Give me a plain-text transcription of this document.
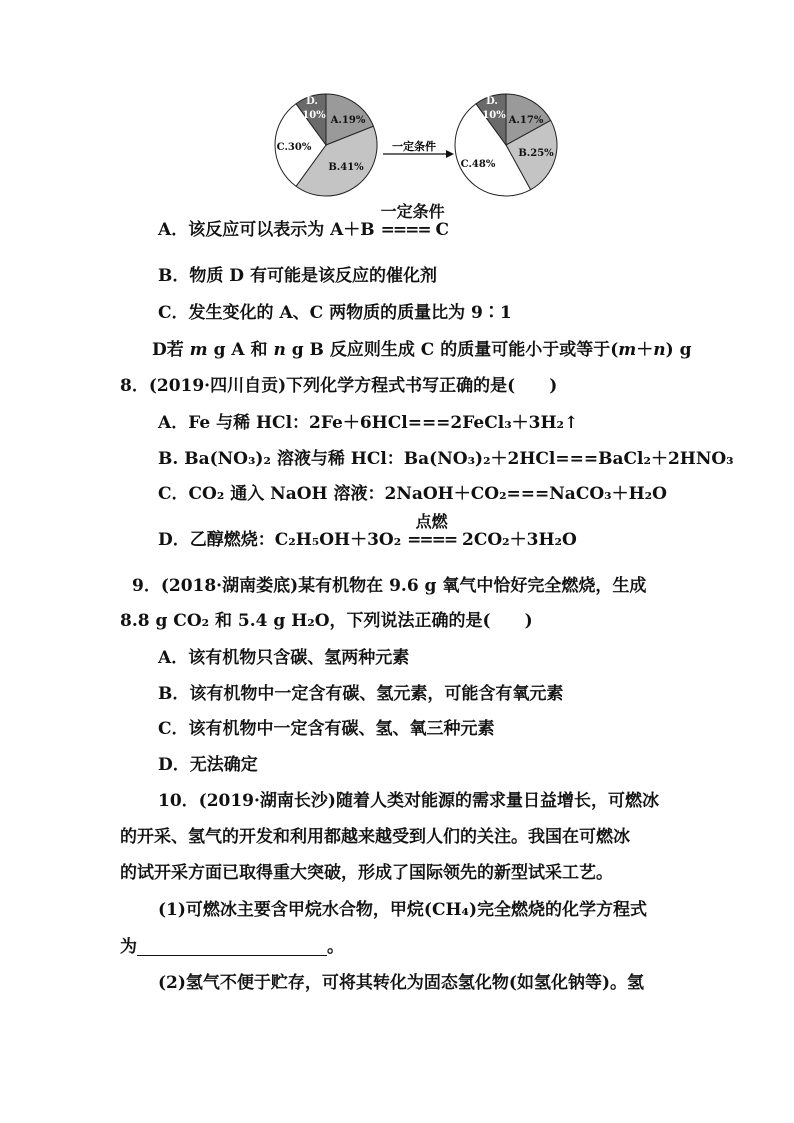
A.19%
B.41%
C.30%
D.
10%
一定条件
A.17%
B.25%
C.48%
D.
10%
A．该反应可以表示为 A＋B
一定条件
==== C
B．物质 D 有可能是该反应的催化剂
C．发生变化的 A、C 两物质的质量比为 9∶1
D若 m g A 和 n g B 反应则生成 C 的质量可能小于或等于(m＋n) g
8．(2019·四川自贡)下列化学方程式书写正确的是(　　)
A．Fe 与稀 HCl：2Fe＋6HCl===2FeCl₃＋3H₂↑
B. Ba(NO₃)₂ 溶液与稀 HCl：Ba(NO₃)₂＋2HCl===BaCl₂＋2HNO₃
C．CO₂ 通入 NaOH 溶液：2NaOH＋CO₂===NaCO₃＋H₂O
D．乙醇燃烧：C₂H₅OH＋3O₂
点燃
==== 2CO₂＋3H₂O
9．(2018·湖南娄底)某有机物在 9.6 g 氧气中恰好完全燃烧，生成
8.8 g CO₂ 和 5.4 g H₂O，下列说法正确的是(　　)
A．该有机物只含碳、氢两种元素
B．该有机物中一定含有碳、氢元素，可能含有氧元素
C．该有机物中一定含有碳、氢、氧三种元素
D．无法确定
10．(2019·湖南长沙)随着人类对能源的需求量日益增长，可燃冰
的开采、氢气的开发和利用都越来越受到人们的关注。我国在可燃冰
的试开采方面已取得重大突破，形成了国际领先的新型试采工艺。
(1)可燃冰主要含甲烷水合物，甲烷(CH₄)完全燃烧的化学方程式
为	。
(2)氢气不便于贮存，可将其转化为固态氢化物(如氢化钠等)。氢
